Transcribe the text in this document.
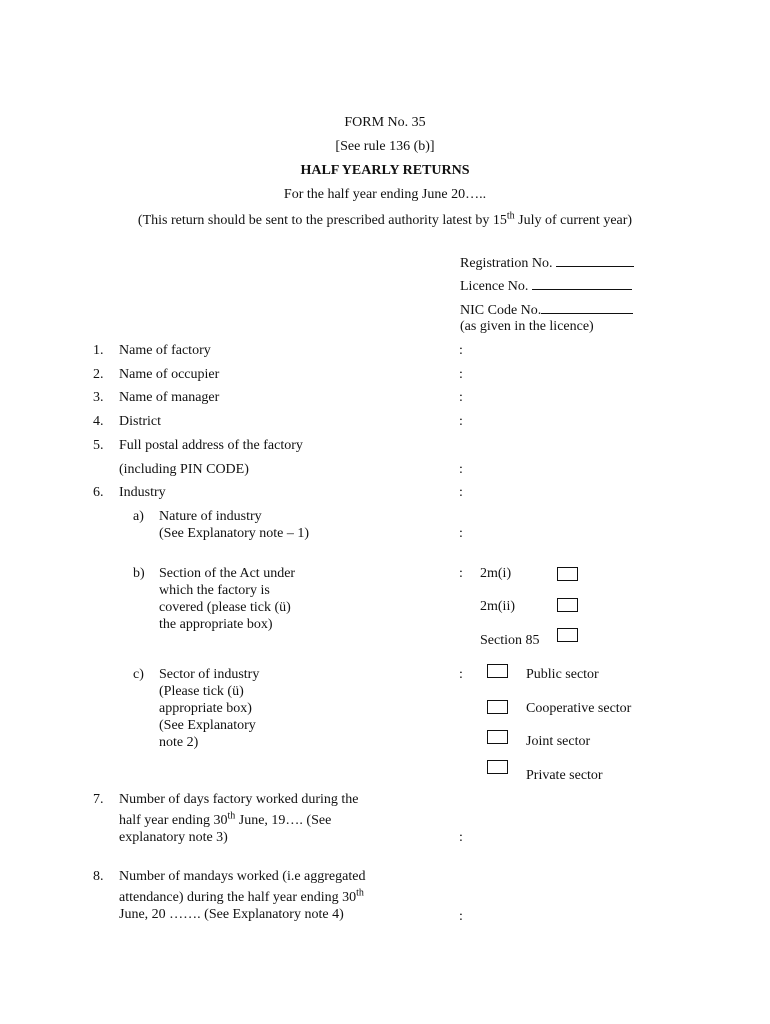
FORM No. 35
[See rule 136 (b)]
HALF YEARLY RETURNS
For the half year ending June 20…..
(This return should be sent to the prescribed authority latest by 15th July of current year)
Registration No.
Licence No.
NIC Code No.
(as given in the licence)
1. Name of factory	:
2. Name of occupier	:
3. Name of manager	:
4. District	:
5. Full postal address of the factory
(including PIN CODE)	:
6. Industry	:
a) Nature of industry
(See Explanatory note – 1)	:
b) Section of the Act under
which the factory is
covered (please tick (ü)
the appropriate box)
: 2m(i)
2m(ii)
Section 85
c) Sector of industry
(Please tick (ü)
appropriate box)
(See Explanatory
note 2)
:	Public sector
Cooperative sector
Joint sector
Private sector
7. Number of days factory worked during the
half year ending 30th June, 19…. (See
explanatory note 3)	:
8. Number of mandays worked (i.e aggregated
attendance) during the half year ending 30th
June, 20 ……. (See Explanatory note 4)	:
